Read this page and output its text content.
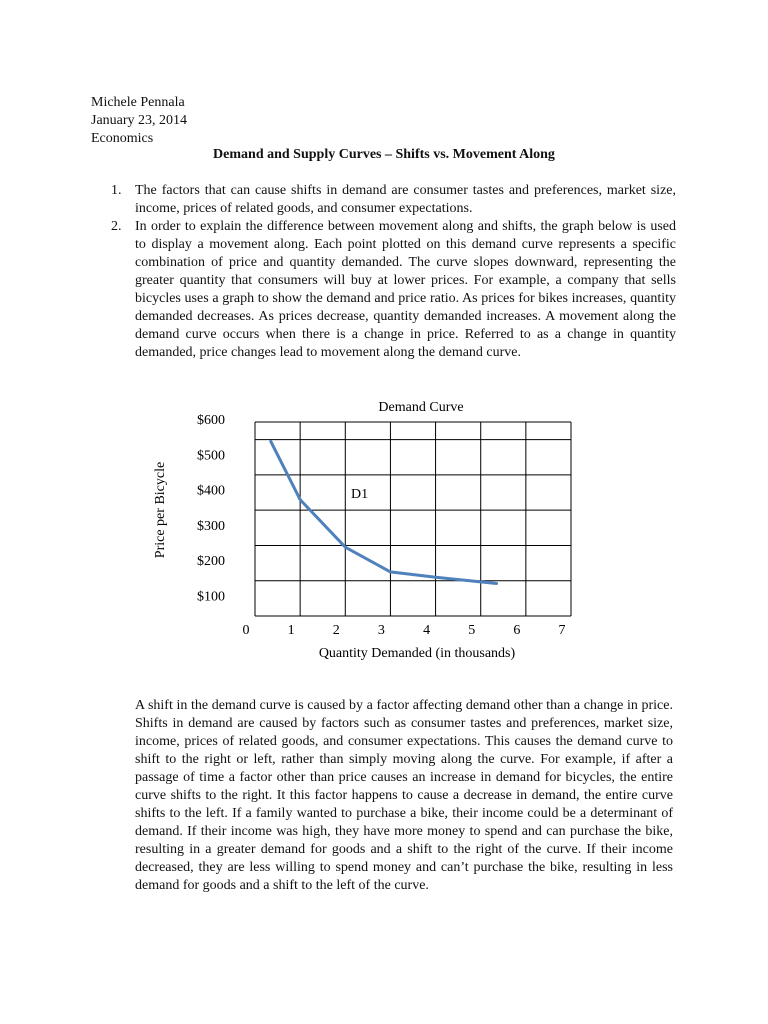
Michele Pennala
January 23, 2014
Economics
Demand and Supply Curves – Shifts vs. Movement Along
1. The factors that can cause shifts in demand are consumer tastes and preferences, market size, income, prices of related goods, and consumer expectations.
2. In order to explain the difference between movement along and shifts, the graph below is used to display a movement along. Each point plotted on this demand curve represents a specific combination of price and quantity demanded. The curve slopes downward, representing the greater quantity that consumers will buy at lower prices. For example, a company that sells bicycles uses a graph to show the demand and price ratio. As prices for bikes increases, quantity demanded decreases. As prices decrease, quantity demanded increases. A movement along the demand curve occurs when there is a change in price. Referred to as a change in quantity demanded, price changes lead to movement along the demand curve.
Demand Curve
$600
$500
$400
$300
$200
$100
0	1	2	3	4	5	6	7
D1
Price per Bicycle
Quantity Demanded (in thousands)
A shift in the demand curve is caused by a factor affecting demand other than a change in price. Shifts in demand are caused by factors such as consumer tastes and preferences, market size, income, prices of related goods, and consumer expectations. This causes the demand curve to shift to the right or left, rather than simply moving along the curve. For example, if after a passage of time a factor other than price causes an increase in demand for bicycles, the entire curve shifts to the right. It this factor happens to cause a decrease in demand, the entire curve shifts to the left. If a family wanted to purchase a bike, their income could be a determinant of demand. If their income was high, they have more money to spend and can purchase the bike, resulting in a greater demand for goods and a shift to the right of the curve. If their income decreased, they are less willing to spend money and can’t purchase the bike, resulting in less demand for goods and a shift to the left of the curve.
